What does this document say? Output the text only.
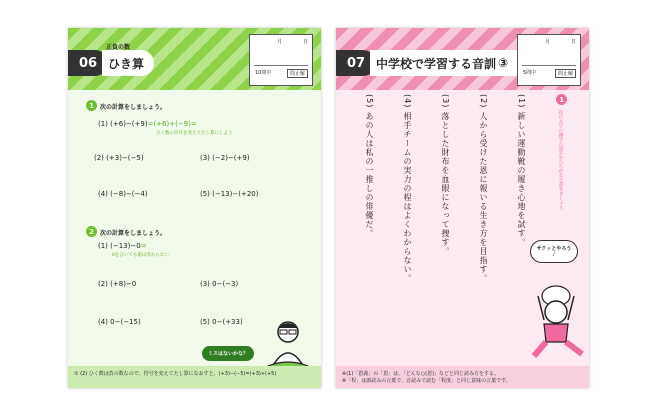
06 ひき算
正負の数
月	日
10問中	問止解
1	次の計算をしましょう。
(1) (+6)−(+9)=(+6)+(−9)=
ひく数の符号を変えてたし算にしよう
(2) (+3)−(−5)	(3) (−2)−(+9)
(4) (−8)−(−4)	(5) (−13)−(+20)
2	次の計算をしましょう。
(1) (−13)−0=
0をひいても値は変わらない
(2) (+8)−0	(3) 0−(−3)
(4) 0−(−15)	(5) 0−(+33)
ミスはないかな？
① (2) ひく数は負の数なので、符号を変えてたし算になおすと、(+3)−(−5)=(+3)+(+5)
07 中学校で学習する音訓 ③
月	日
5問中	問止解
1
次の太字の漢字の読みをひらがなで書きましょう。
(1) 新しい運動靴の履き心地を試す。
(2) 人から受けた恩に報いる生き方を目指す。
(3) 落とした財布を血眼になって捜す。
(4) 相手チームの実力の程はよくわからない。
(5) あの人は私の一推しの俳優だ。
サクッとやろう♪
※(1)「恩義」の「恩」は、「どんな○(恩)」などと同じ読み方をする。
※「程」は訓読みの言葉で、音読みで読む「程度」と同じ意味の言葉です。
